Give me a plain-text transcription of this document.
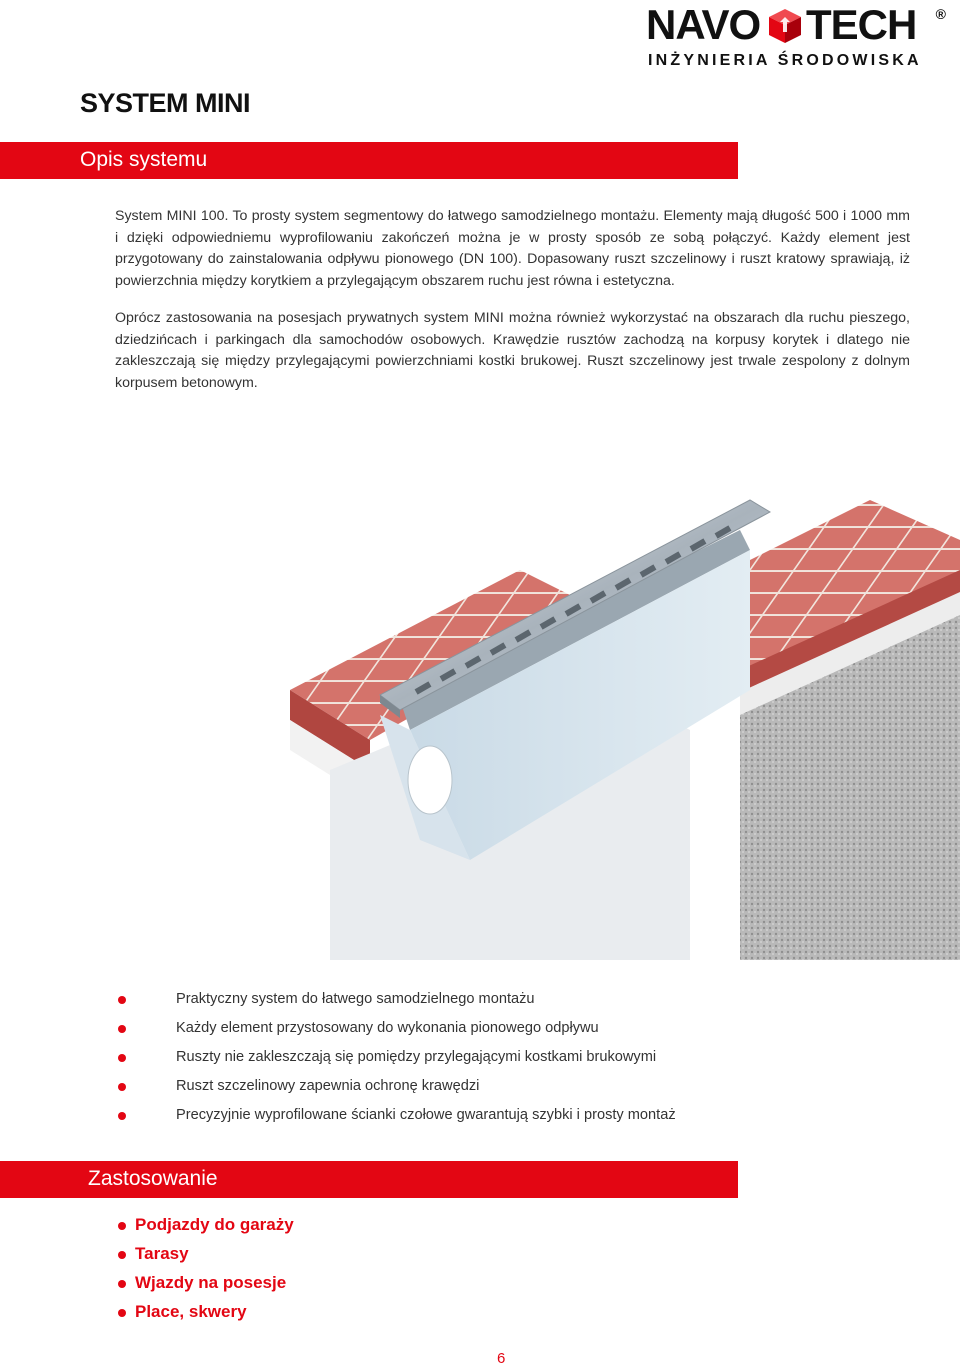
NAVO TECH ®
INŻYNIERIA ŚRODOWISKA
SYSTEM MINI
Opis systemu

System MINI 100. To prosty system segmentowy do łatwego samodzielnego montażu. Elementy mają długość 500 i 1000 mm i dzięki odpowiedniemu wyprofilowaniu zakończeń można je w prosty sposób ze sobą połączyć. Każdy element jest przygotowany do zainstalowania odpływu pionowego (DN 100). Dopasowany ruszt szczelinowy i ruszt kratowy sprawiają, iż powierzchnia między korytkiem a przylegającym obszarem ruchu jest równa i estetyczna.

Oprócz zastosowania na posesjach prywatnych system MINI można również wykorzystać na obszarach dla ruchu pieszego, dziedzińcach i parkingach dla samochodów osobowych. Krawędzie rusztów zachodzą na korpusy korytek i dlatego nie zakleszczają się między przylegającymi powierzchniami kostki brukowej. Ruszt szczelinowy jest trwale zespolony z dolnym korpusem betonowym.

Praktyczny system do łatwego samodzielnego montażu
Każdy element przystosowany do wykonania pionowego odpływu
Ruszty nie zakleszczają się pomiędzy przylegającymi kostkami brukowymi
Ruszt szczelinowy zapewnia ochronę krawędzi
Precyzyjnie wyprofilowane ścianki czołowe gwarantują szybki i prosty montaż
Zastosowanie
Podjazdy do garaży
Tarasy
Wjazdy na posesje
Place, skwery
6
